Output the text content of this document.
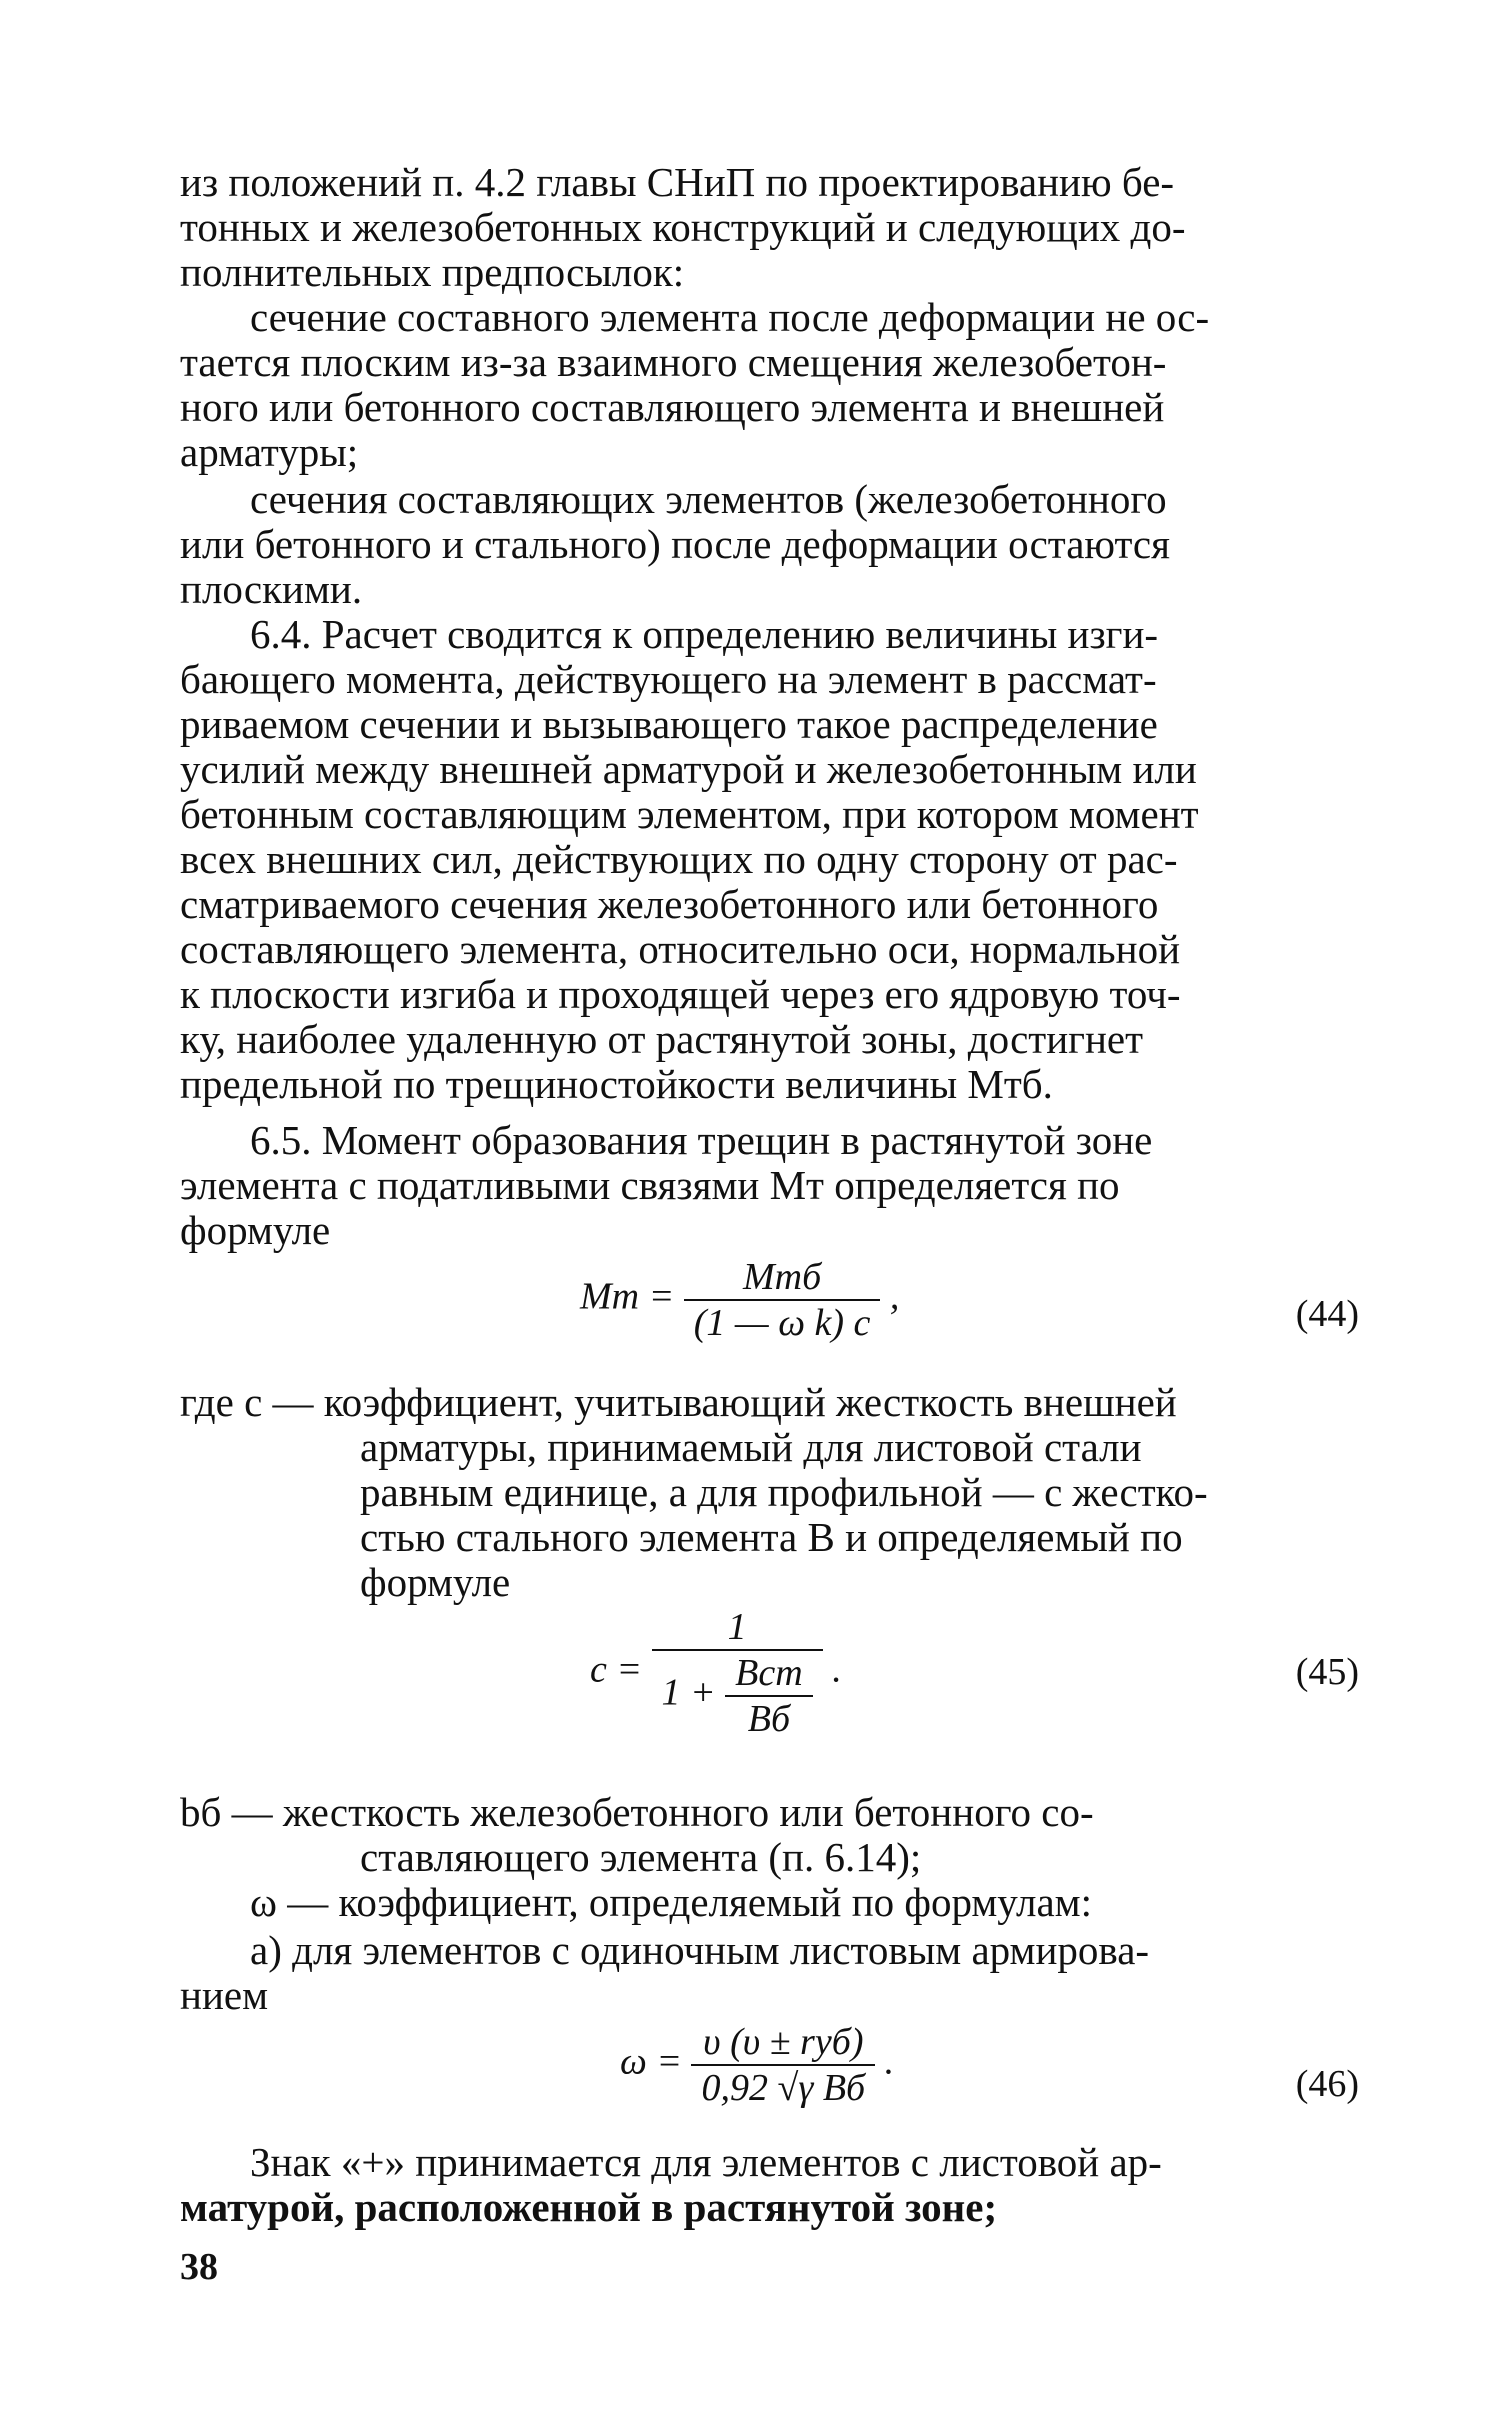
из положений п. 4.2 главы СНиП по проектированию бе-
тонных и железобетонных конструкций и следующих до-
полнительных предпосылок:
сечение составного элемента после деформации не ос-
тается плоским из-за взаимного смещения железобетон-
ного или бетонного составляющего элемента и внешней
арматуры;
сечения составляющих элементов (железобетонного
или бетонного и стального) после деформации остаются
плоскими.
6.4. Расчет сводится к определению величины изги-
бающего момента, действующего на элемент в рассмат-
риваемом сечении и вызывающего такое распределение
усилий между внешней арматурой и железобетонным или
бетонным составляющим элементом, при котором момент
всех внешних сил, действующих по одну сторону от рас-
сматриваемого сечения железобетонного или бетонного
составляющего элемента, относительно оси, нормальной
к плоскости изгиба и проходящей через его ядровую точ-
ку, наиболее удаленную от растянутой зоны, достигнет
предельной по трещиностойкости величины Mтб.
6.5. Момент образования трещин в растянутой зоне
элемента с податливыми связями Mт определяется по
формуле
Mт = $\frac{\text{Mтб}}{\text{(1 — ω k) c}}$ ,	(44)
где c — коэффициент, учитывающий жесткость внешней
арматуры, принимаемый для листовой стали
равным единице, а для профильной — с жестко-
стью стального элемента B и определяемый по
формуле
$c = \frac{1}{1 + \frac{\text{Bст}}{Bб}}$ .	(45)
bб — жесткость железобетонного или бетонного со-
ставляющего элемента (п. 6.14);
ω — коэффициент, определяемый по формулам:
а) для элементов с одиночным листовым армирова-
нием
$\omega = \frac{\text{υ (υ ± rуб)}}{\text{0,92 √γ Bб}}$ .
(46)
Знак «+» принимается для элементов с листовой ар-
матурой, расположенной в растянутой зоне;
38
